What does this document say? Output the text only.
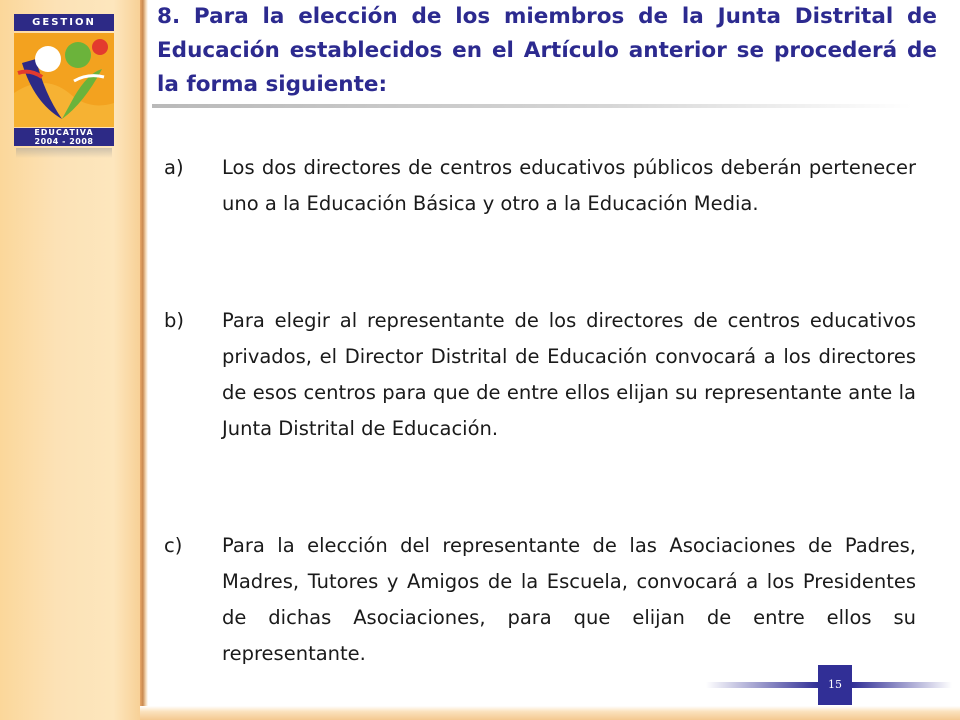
GESTION
EDUCATIVA
2004 - 2008
8. Para la elección de los miembros de la Junta Distrital de Educación establecidos en el Artículo anterior se procederá de la forma siguiente:
a) Los dos directores de centros educativos públicos deberán pertenecer uno a la Educación Básica y otro a la Educación Media.
b) Para elegir al representante de los directores de centros educativos privados, el Director Distrital de Educación convocará a los directores de esos centros para que de entre ellos elijan su representante ante la Junta Distrital de Educación.
c) Para la elección del representante de las Asociaciones de Padres, Madres, Tutores y Amigos de la Escuela, convocará a los Presidentes de dichas Asociaciones, para que elijan de entre ellos su representante.
15
